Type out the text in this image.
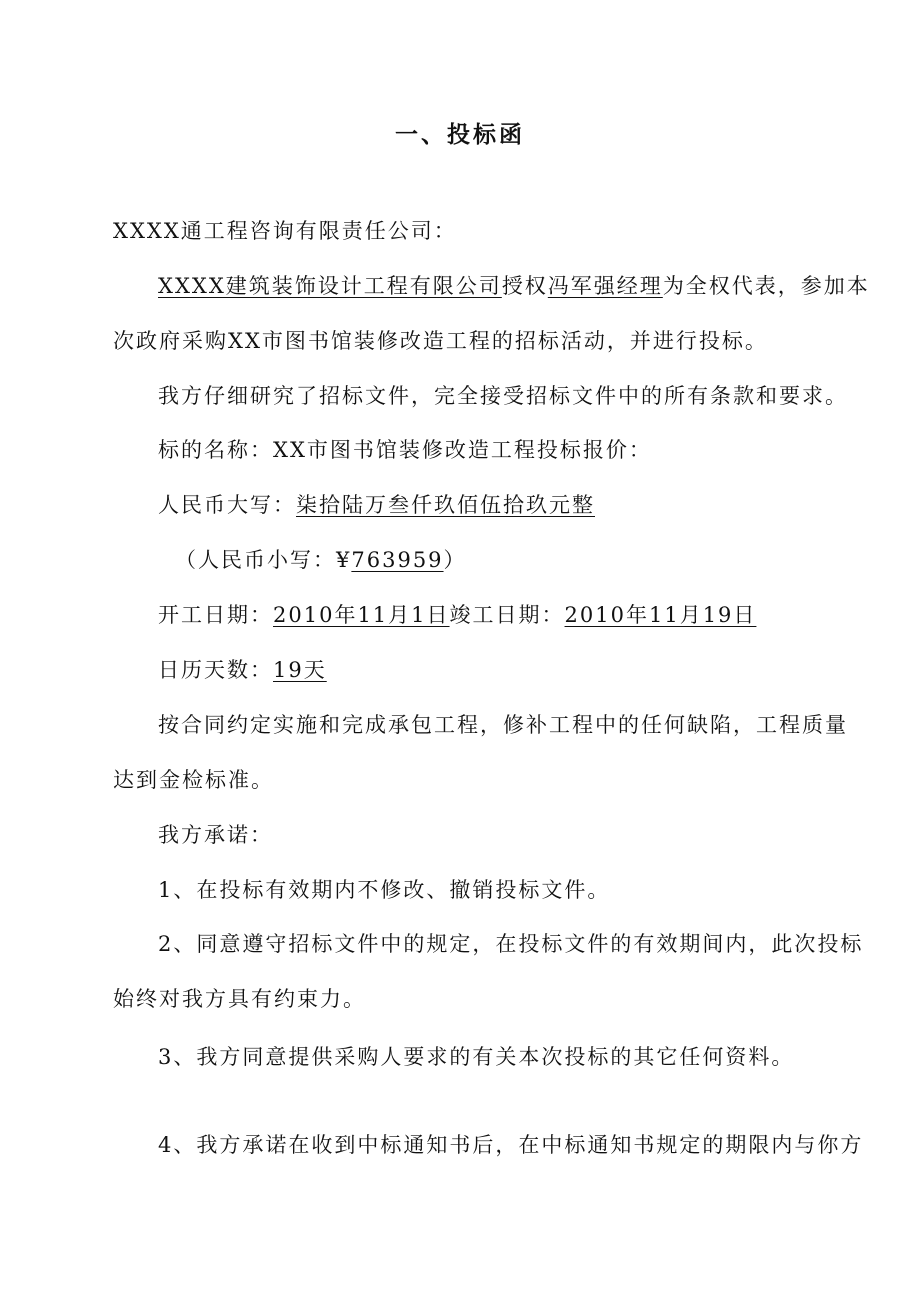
一、投标函
XXXX通工程咨询有限责任公司：
XXXX建筑装饰设计工程有限公司授权冯军强经理为全权代表，参加本
次政府采购XX市图书馆装修改造工程的招标活动，并进行投标。
我方仔细研究了招标文件，完全接受招标文件中的所有条款和要求。
标的名称：XX市图书馆装修改造工程投标报价：
人民币大写：柒拾陆万叁仟玖佰伍拾玖元整
（人民币小写：¥763959）
开工日期：2010年11月1日竣工日期：2010年11月19日
日历天数：19天
按合同约定实施和完成承包工程，修补工程中的任何缺陷，工程质量
达到金检标准。
我方承诺：
1、在投标有效期内不修改、撤销投标文件。
2、同意遵守招标文件中的规定，在投标文件的有效期间内，此次投标
始终对我方具有约束力。
3、我方同意提供采购人要求的有关本次投标的其它任何资料。
4、我方承诺在收到中标通知书后，在中标通知书规定的期限内与你方
